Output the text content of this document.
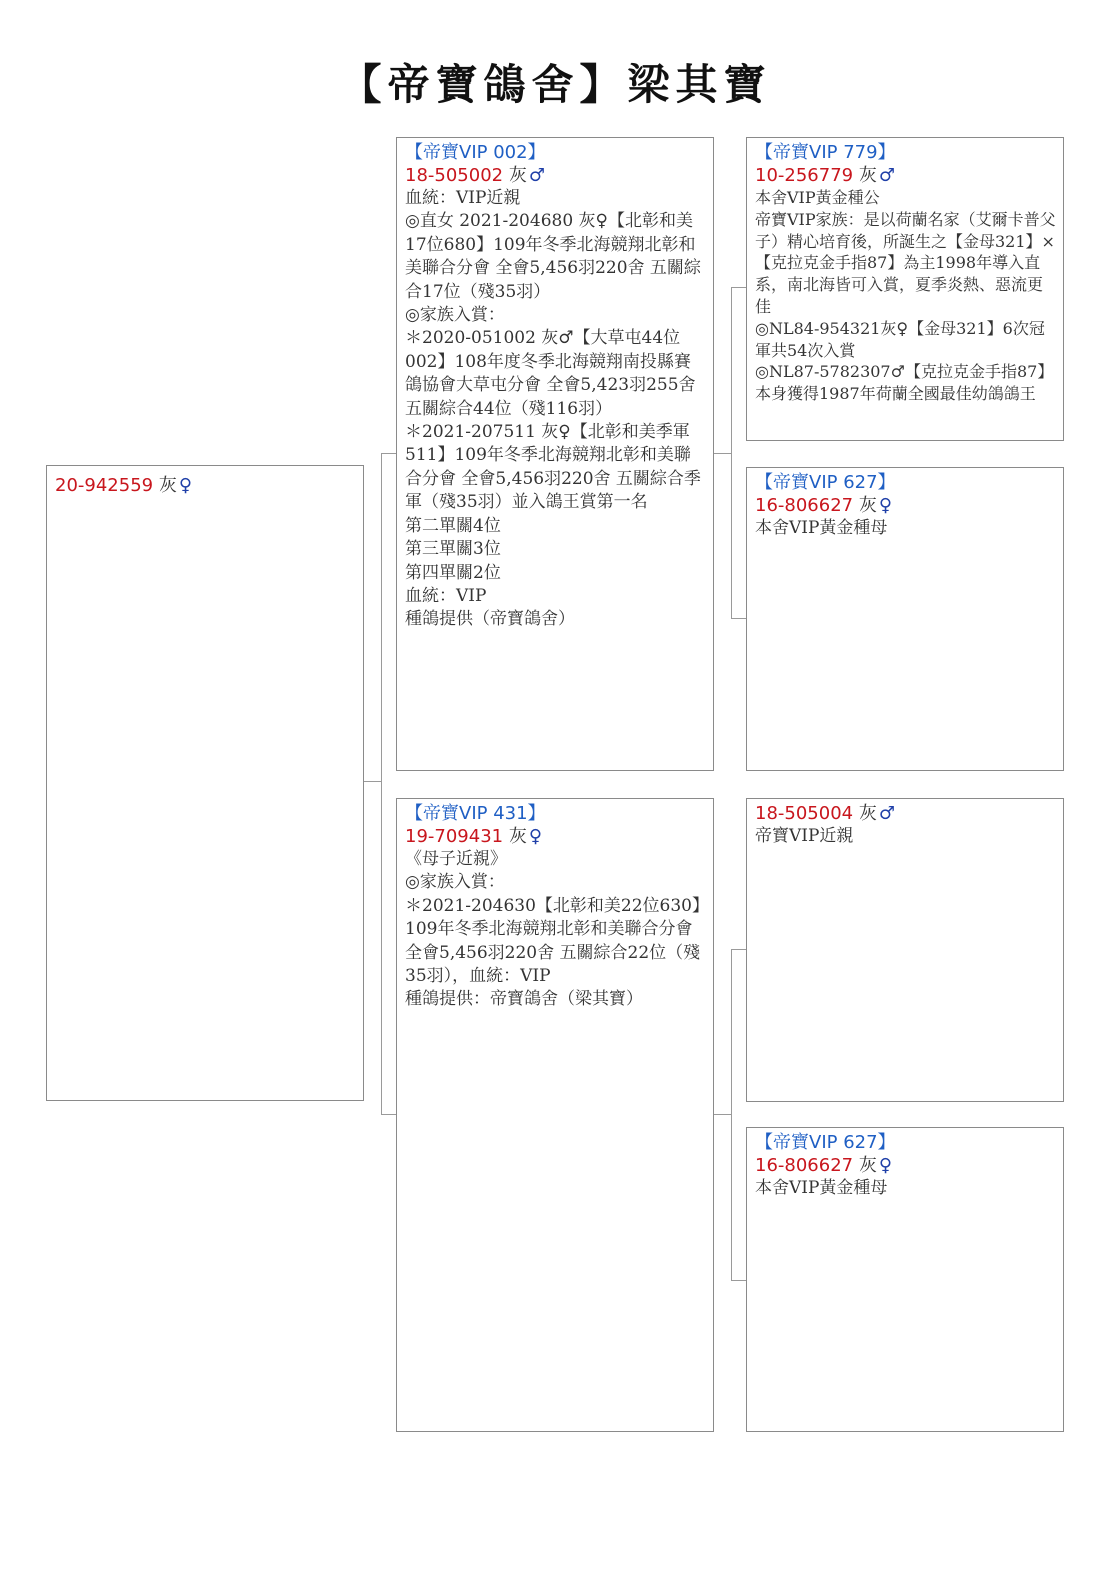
【帝寶鴿舍】梁其寶
20-942559 灰 ♀
【帝寶VIP 002】
18-505002 灰 ♂
血統：VIP近親
◎直女 2021-204680 灰♀【北彰和美17位680】109年冬季北海競翔北彰和美聯合分會 全會5,456羽220舍 五關綜合17位（殘35羽）
◎家族入賞：
＊2020-051002 灰♂【大草屯44位002】108年度冬季北海競翔南投縣賽鴿協會大草屯分會 全會5,423羽255舍 五關綜合44位（殘116羽）
＊2021-207511 灰♀【北彰和美季軍511】109年冬季北海競翔北彰和美聯合分會 全會5,456羽220舍 五關綜合季軍（殘35羽）並入鴿王賞第一名
第二單關4位
第三單關3位
第四單關2位
血統：VIP
種鴿提供（帝寶鴿舍）
【帝寶VIP 431】
19-709431 灰 ♀
《母子近親》
◎家族入賞：
＊2021-204630【北彰和美22位630】109年冬季北海競翔北彰和美聯合分會 全會5,456羽220舍 五關綜合22位（殘35羽），血統：VIP
種鴿提供：帝寶鴿舍（梁其寶）
【帝寶VIP 779】
10-256779 灰 ♂
本舍VIP黃金種公
帝寶VIP家族：是以荷蘭名家（艾爾卡普父子）精心培育後，所誕生之【金母321】×【克拉克金手指87】為主1998年導入直系，南北海皆可入賞，夏季炎熱、惡流更佳
◎NL84-954321灰♀【金母321】6次冠軍共54次入賞
◎NL87-5782307♂【克拉克金手指87】本身獲得1987年荷蘭全國最佳幼鴿鴿王
【帝寶VIP 627】
16-806627 灰 ♀
本舍VIP黃金種母
18-505004 灰 ♂
帝寶VIP近親
【帝寶VIP 627】
16-806627 灰 ♀
本舍VIP黃金種母
